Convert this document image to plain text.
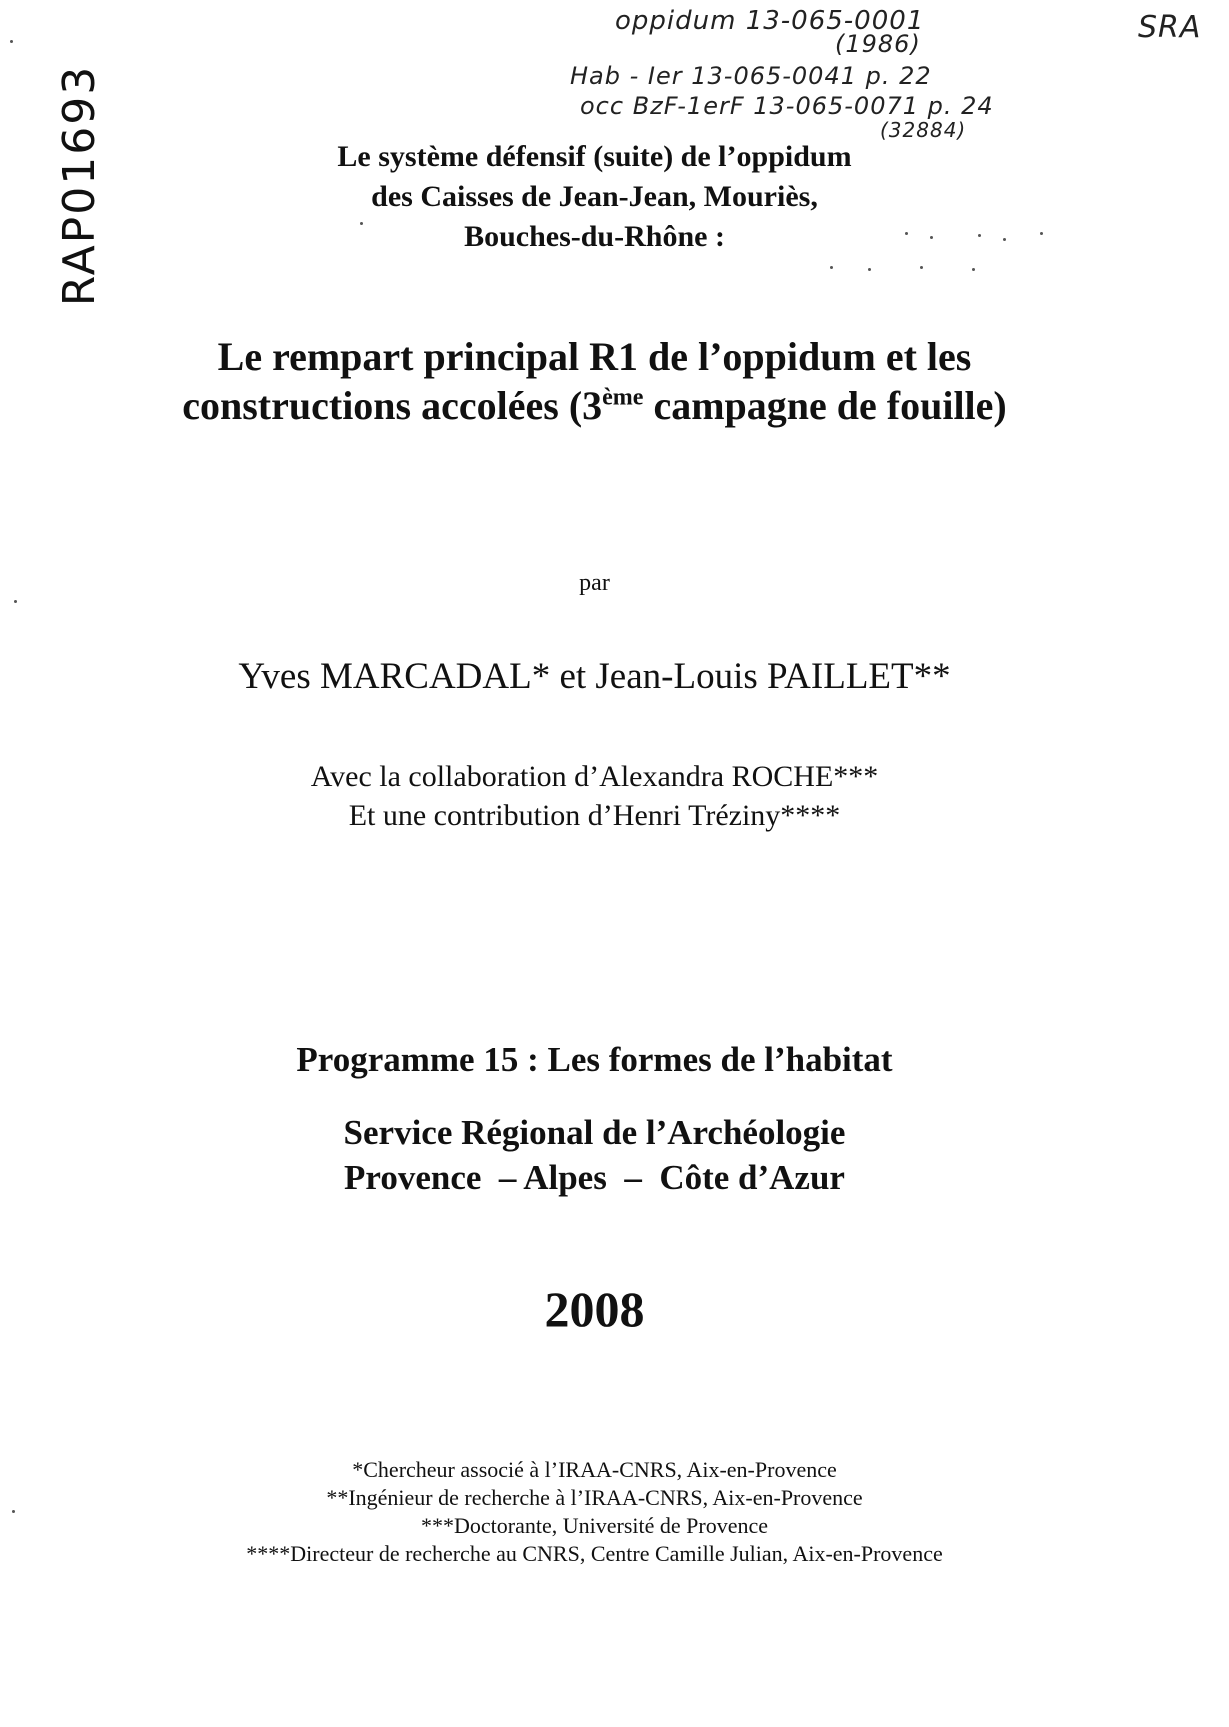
SRA
RAP01693
oppidum 13-065-0001
(1986)
Hab - Ier 13-065-0041 p. 22
occ BzF-1erF 13-065-0071 p. 24
(32884)
Le système défensif (suite) de l’oppidum
des Caisses de Jean-Jean, Mouriès,
Bouches-du-Rhône :
Le rempart principal R1 de l’oppidum et les
constructions accolées (3ème campagne de fouille)
par
Yves MARCADAL* et Jean-Louis PAILLET**
Avec la collaboration d’Alexandra ROCHE***
Et une contribution d’Henri Tréziny****
Programme 15 : Les formes de l’habitat
Service Régional de l’Archéologie
Provence  – Alpes  –  Côte d’Azur
2008
*Chercheur associé à l’IRAA-CNRS, Aix-en-Provence
**Ingénieur de recherche à l’IRAA-CNRS, Aix-en-Provence
***Doctorante, Université de Provence
****Directeur de recherche au CNRS, Centre Camille Julian, Aix-en-Provence
